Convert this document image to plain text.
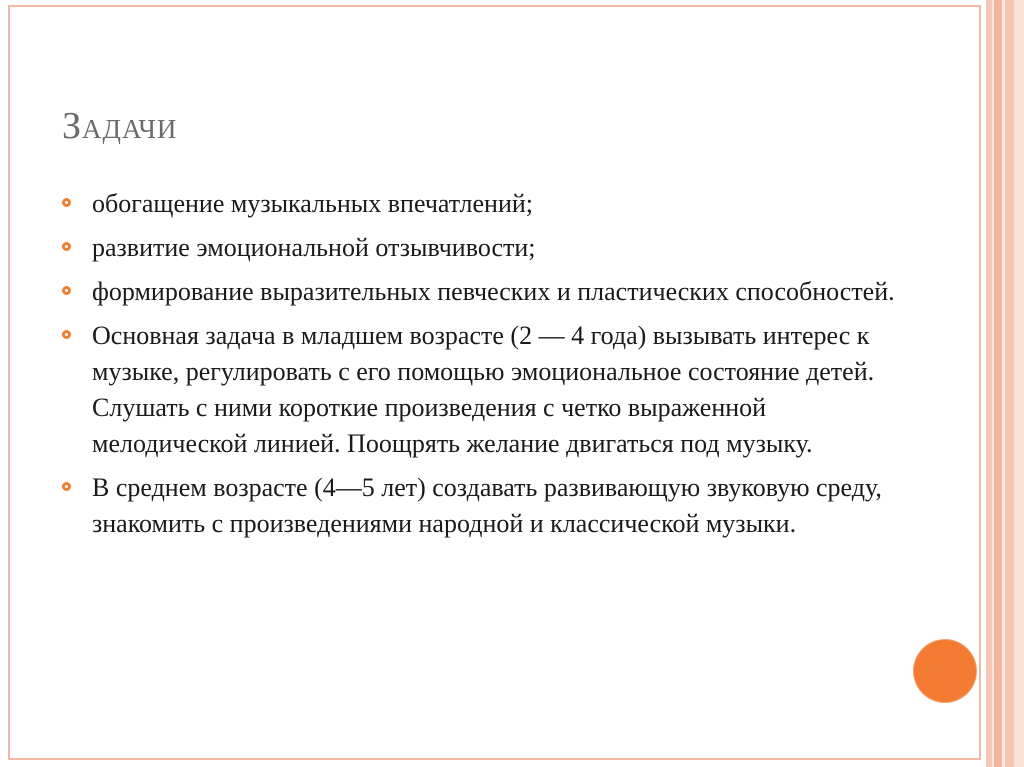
Задачи
обогащение музыкальных впечатлений;
развитие эмоциональной отзывчивости;
формирование выразительных певческих и пластических способностей.
Основная задача в младшем возрасте (2 — 4 года) вызывать интерес к музыке, регулировать с его помощью эмоциональное состояние детей. Слушать с ними короткие произведения с четко выраженной мелодической линией. Поощрять желание двигаться под музыку.
В среднем возрасте (4—5 лет) создавать развивающую звуковую среду, знакомить с произведениями народной и классической музыки.
